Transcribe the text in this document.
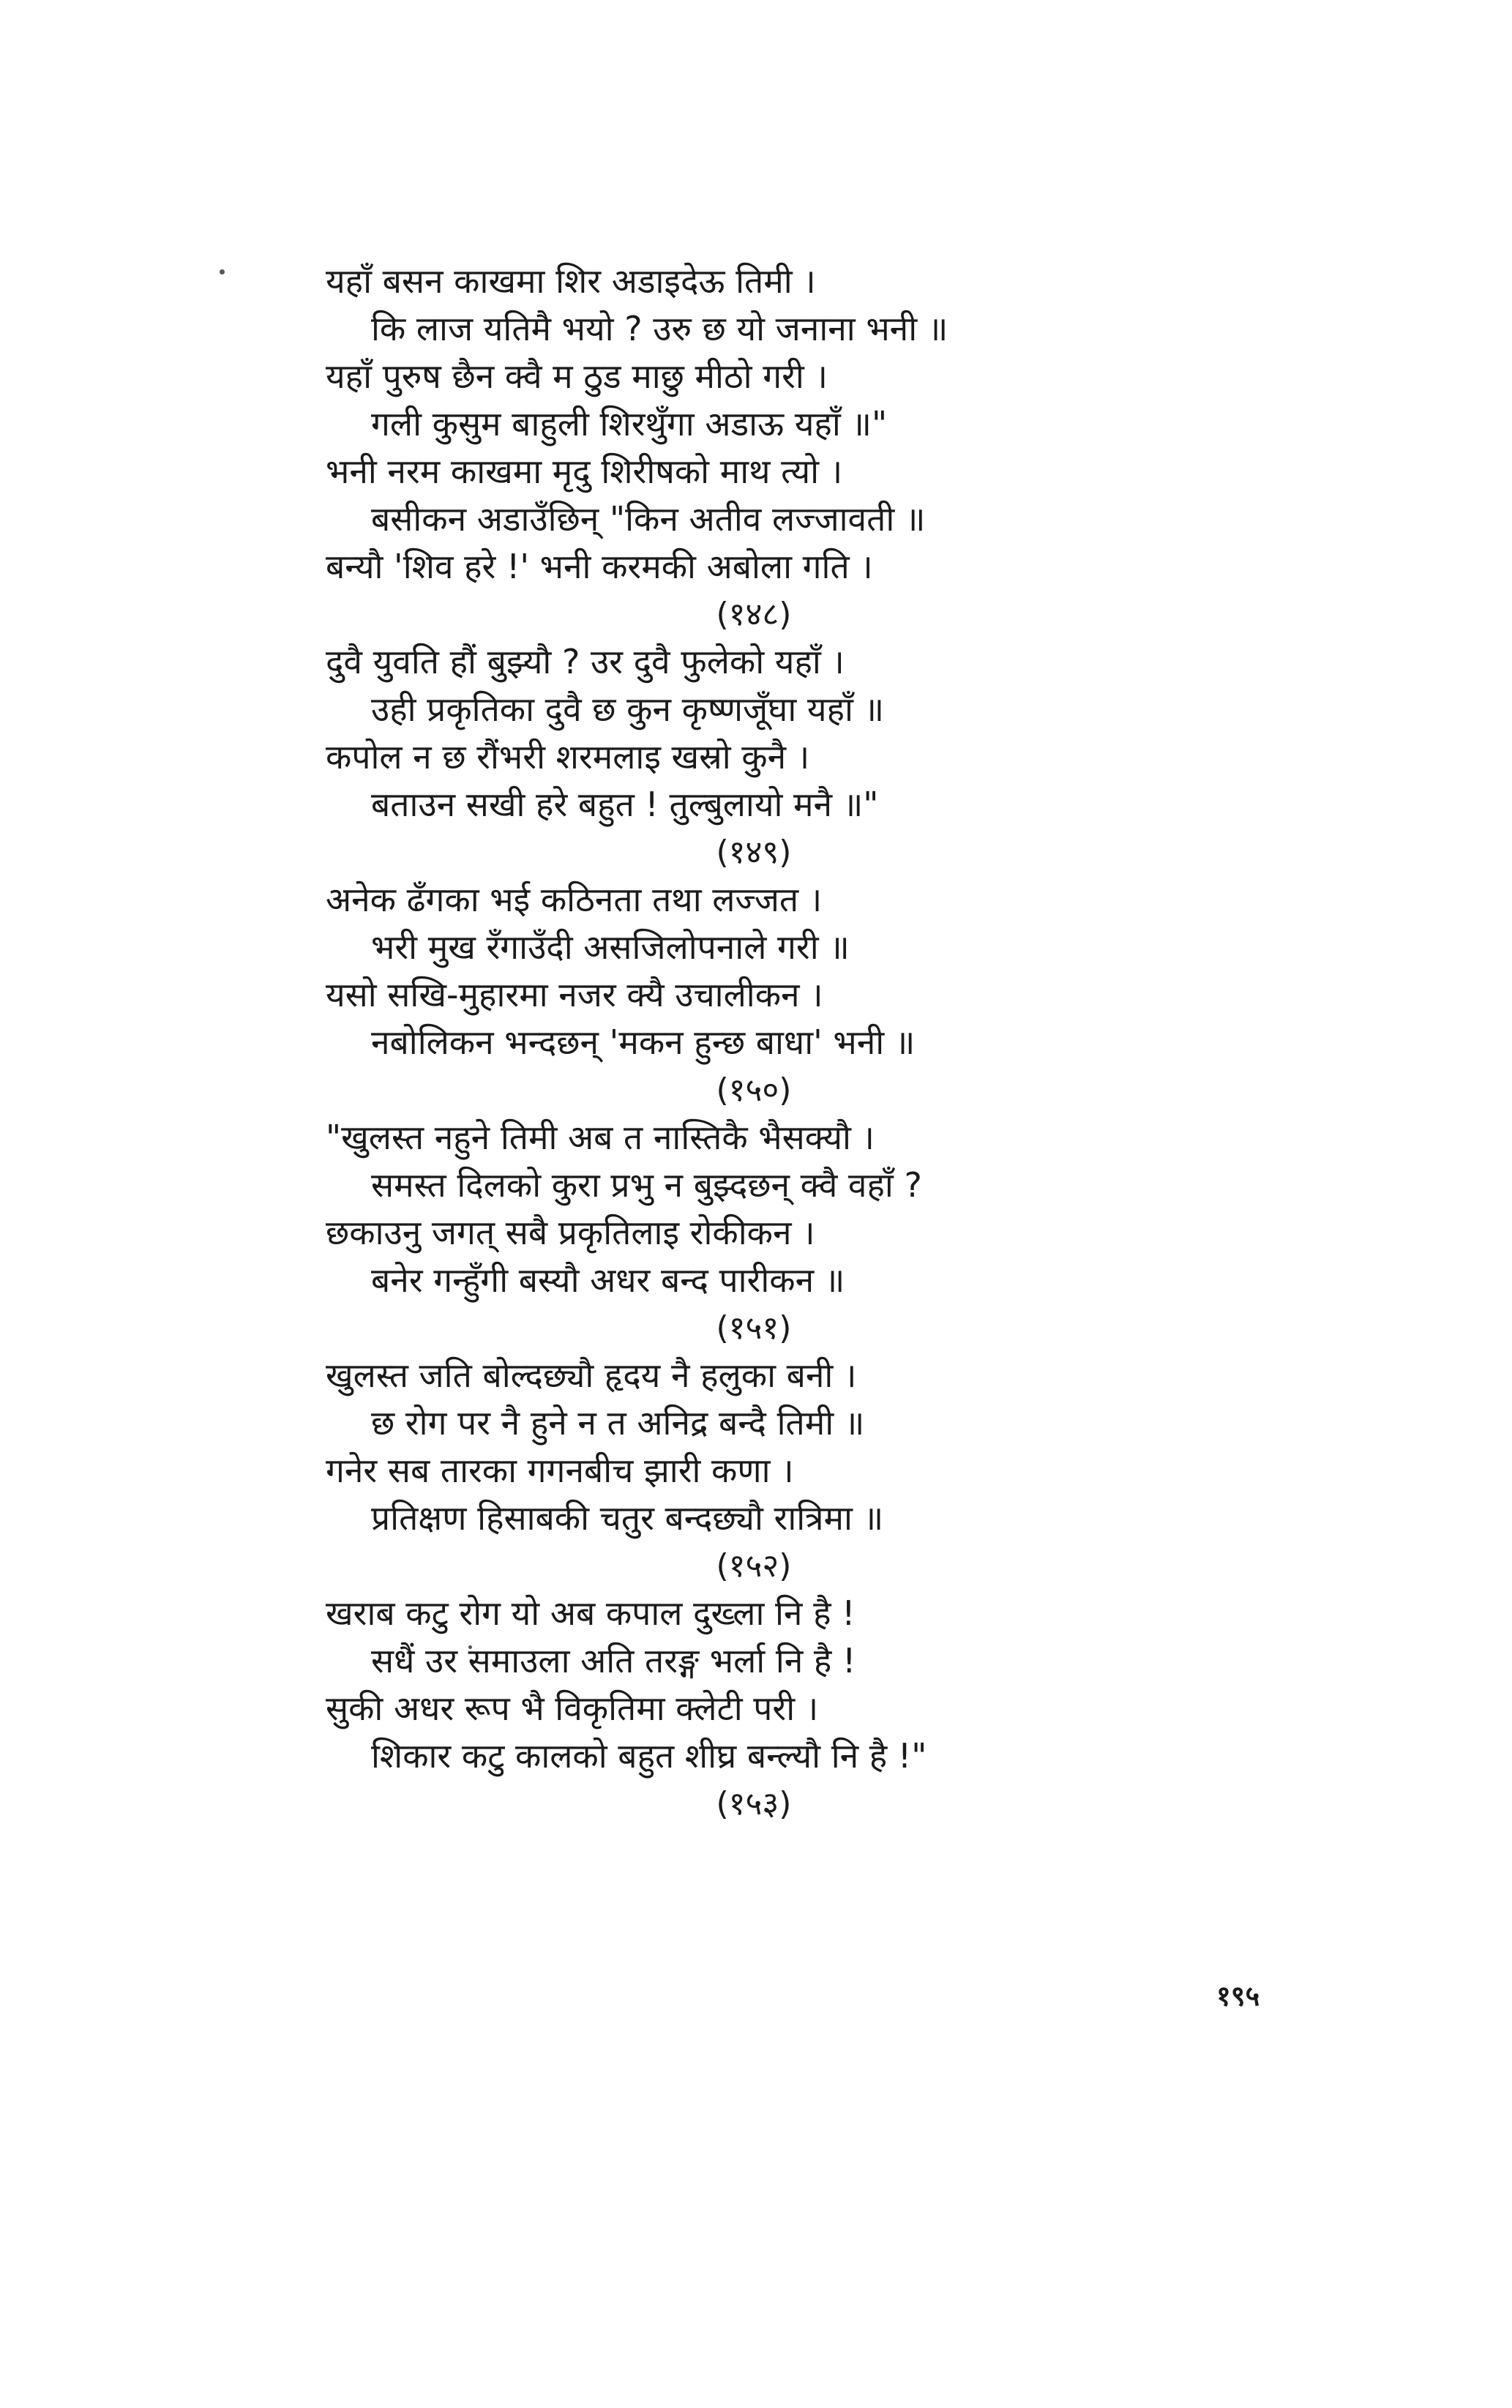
यहाँ बसन काखमा शिर अडाइदेऊ तिमी ।
कि लाज यतिमै भयो ? उरु छ यो जनाना भनी ॥
यहाँ पुरुष छैन क्वै म ठुड माछु मीठो गरी ।
गली कुसुम बाहुली शिरथुँगा अडाऊ यहाँ ॥"
भनी नरम काखमा मृदु शिरीषको माथ त्यो ।
बसीकन अडाउँछिन् "किन अतीव लज्जावती ॥
बन्यौ 'शिव हरे !' भनी करमकी अबोला गति ।
(१४८)
दुवै युवति हौं बुझ्यौ ? उर दुवै फुलेको यहाँ ।
उही प्रकृतिका दुवै छ कुन कृष्णजूँघा यहाँ ॥
कपोल न छ रौंभरी शरमलाइ खस्रो कुनै ।
बताउन सखी हरे बहुत ! तुल्बुलायो मनै ॥"
(१४९)
अनेक ढँगका भई कठिनता तथा लज्जत ।
भरी मुख रँगाउँदी असजिलोपनाले गरी ॥
यसो सखि-मुहारमा नजर क्यै उचालीकन ।
नबोलिकन भन्दछन् 'मकन हुन्छ बाधा' भनी ॥
(१५०)
"खुलस्त नहुने तिमी अब त नास्तिकै भैसक्यौ ।
समस्त दिलको कुरा प्रभु न बुझ्दछन् क्वै वहाँ ?
छकाउनु जगत् सबै प्रकृतिलाइ रोकीकन ।
बनेर गन्हुँगी बस्यौ अधर बन्द पारीकन ॥
(१५१)
खुलस्त जति बोल्दछ्यौ हृदय नै हलुका बनी ।
छ रोग पर नै हुने न त अनिद्र बन्दै तिमी ॥
गनेर सब तारका गगनबीच झारी कणा ।
प्रतिक्षण हिसाबकी चतुर बन्दछ्यौ रात्रिमा ॥
(१५२)
खराब कटु रोग यो अब कपाल दुख्ला नि है !
सधैं उर समाउला अति तरङ्ग भर्ला नि है !
सुकी अधर रूप भै विकृतिमा क्लेटी परी ।
शिकार कटु कालको बहुत शीघ्र बन्ल्यौ नि है !"
(१५३)
१९५
